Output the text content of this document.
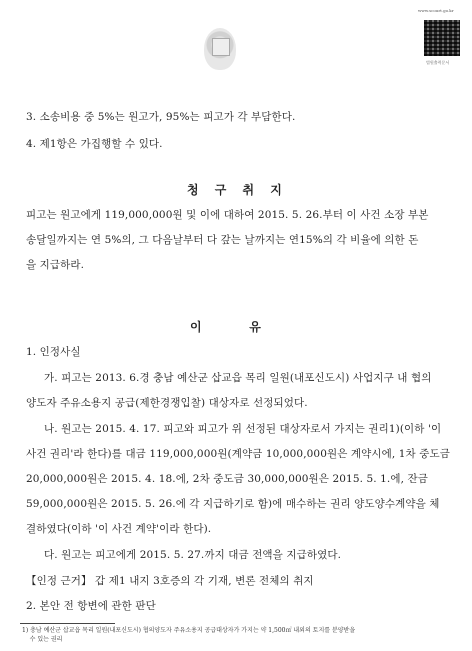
www.scourt.go.kr
법원출력문서
3. 소송비용 중 5%는 원고가, 95%는 피고가 각 부담한다.
4. 제1항은 가집행할 수 있다.
청 구 취 지
피고는 원고에게 119,000,000원 및 이에 대하여 2015. 5. 26.부터 이 사건 소장 부본
송달일까지는 연 5%의, 그 다음날부터 다 갚는 날까지는 연15%의 각 비율에 의한 돈
을 지급하라.
이         유
1. 인정사실
가. 피고는 2013. 6.경 충남 예산군 삽교읍 목리 일원(내포신도시) 사업지구 내 협의
양도자 주유소용지 공급(제한경쟁입찰) 대상자로 선정되었다.
나. 원고는 2015. 4. 17. 피고와 피고가 위 선정된 대상자로서 가지는 권리1)(이하 '이
사건 권리'라 한다)를 대금 119,000,000원(계약금 10,000,000원은 계약시에, 1차 중도금
20,000,000원은 2015. 4. 18.에, 2차 중도금 30,000,000원은 2015. 5. 1.에, 잔금
59,000,000원은 2015. 5. 26.에 각 지급하기로 함)에 매수하는 권리 양도양수계약을 체
결하였다(이하 '이 사건 계약'이라 한다).
다. 원고는 피고에게 2015. 5. 27.까지 대금 전액을 지급하였다.
【인정 근거】 갑 제1 내지 3호증의 각 기재, 변론 전체의 취지
2. 본안 전 항변에 관한 판단
1) 충남 예산군 삽교읍 목리 일원(내포신도시) 협의양도자 주유소용지 공급대상자가 가지는 약 1,500㎡ 내외의 토지를 분양받을
수 있는 권리
